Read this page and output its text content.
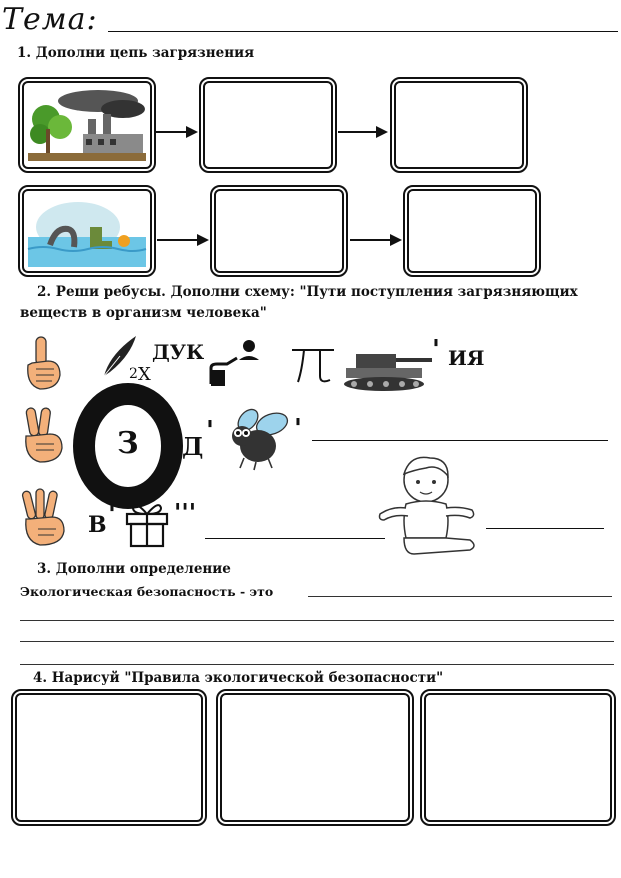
Тема:
1. Дополни цепь загрязнения
2. Реши ребусы. Дополни схему: "Пути поступления загрязняющих
веществ в организм человека"
2 Х
ДУК	' ИЯ
З Д
'	'
В ' '''
3. Дополни определение
Экологическая безопасность - это
4. Нарисуй "Правила экологической безопасности"
